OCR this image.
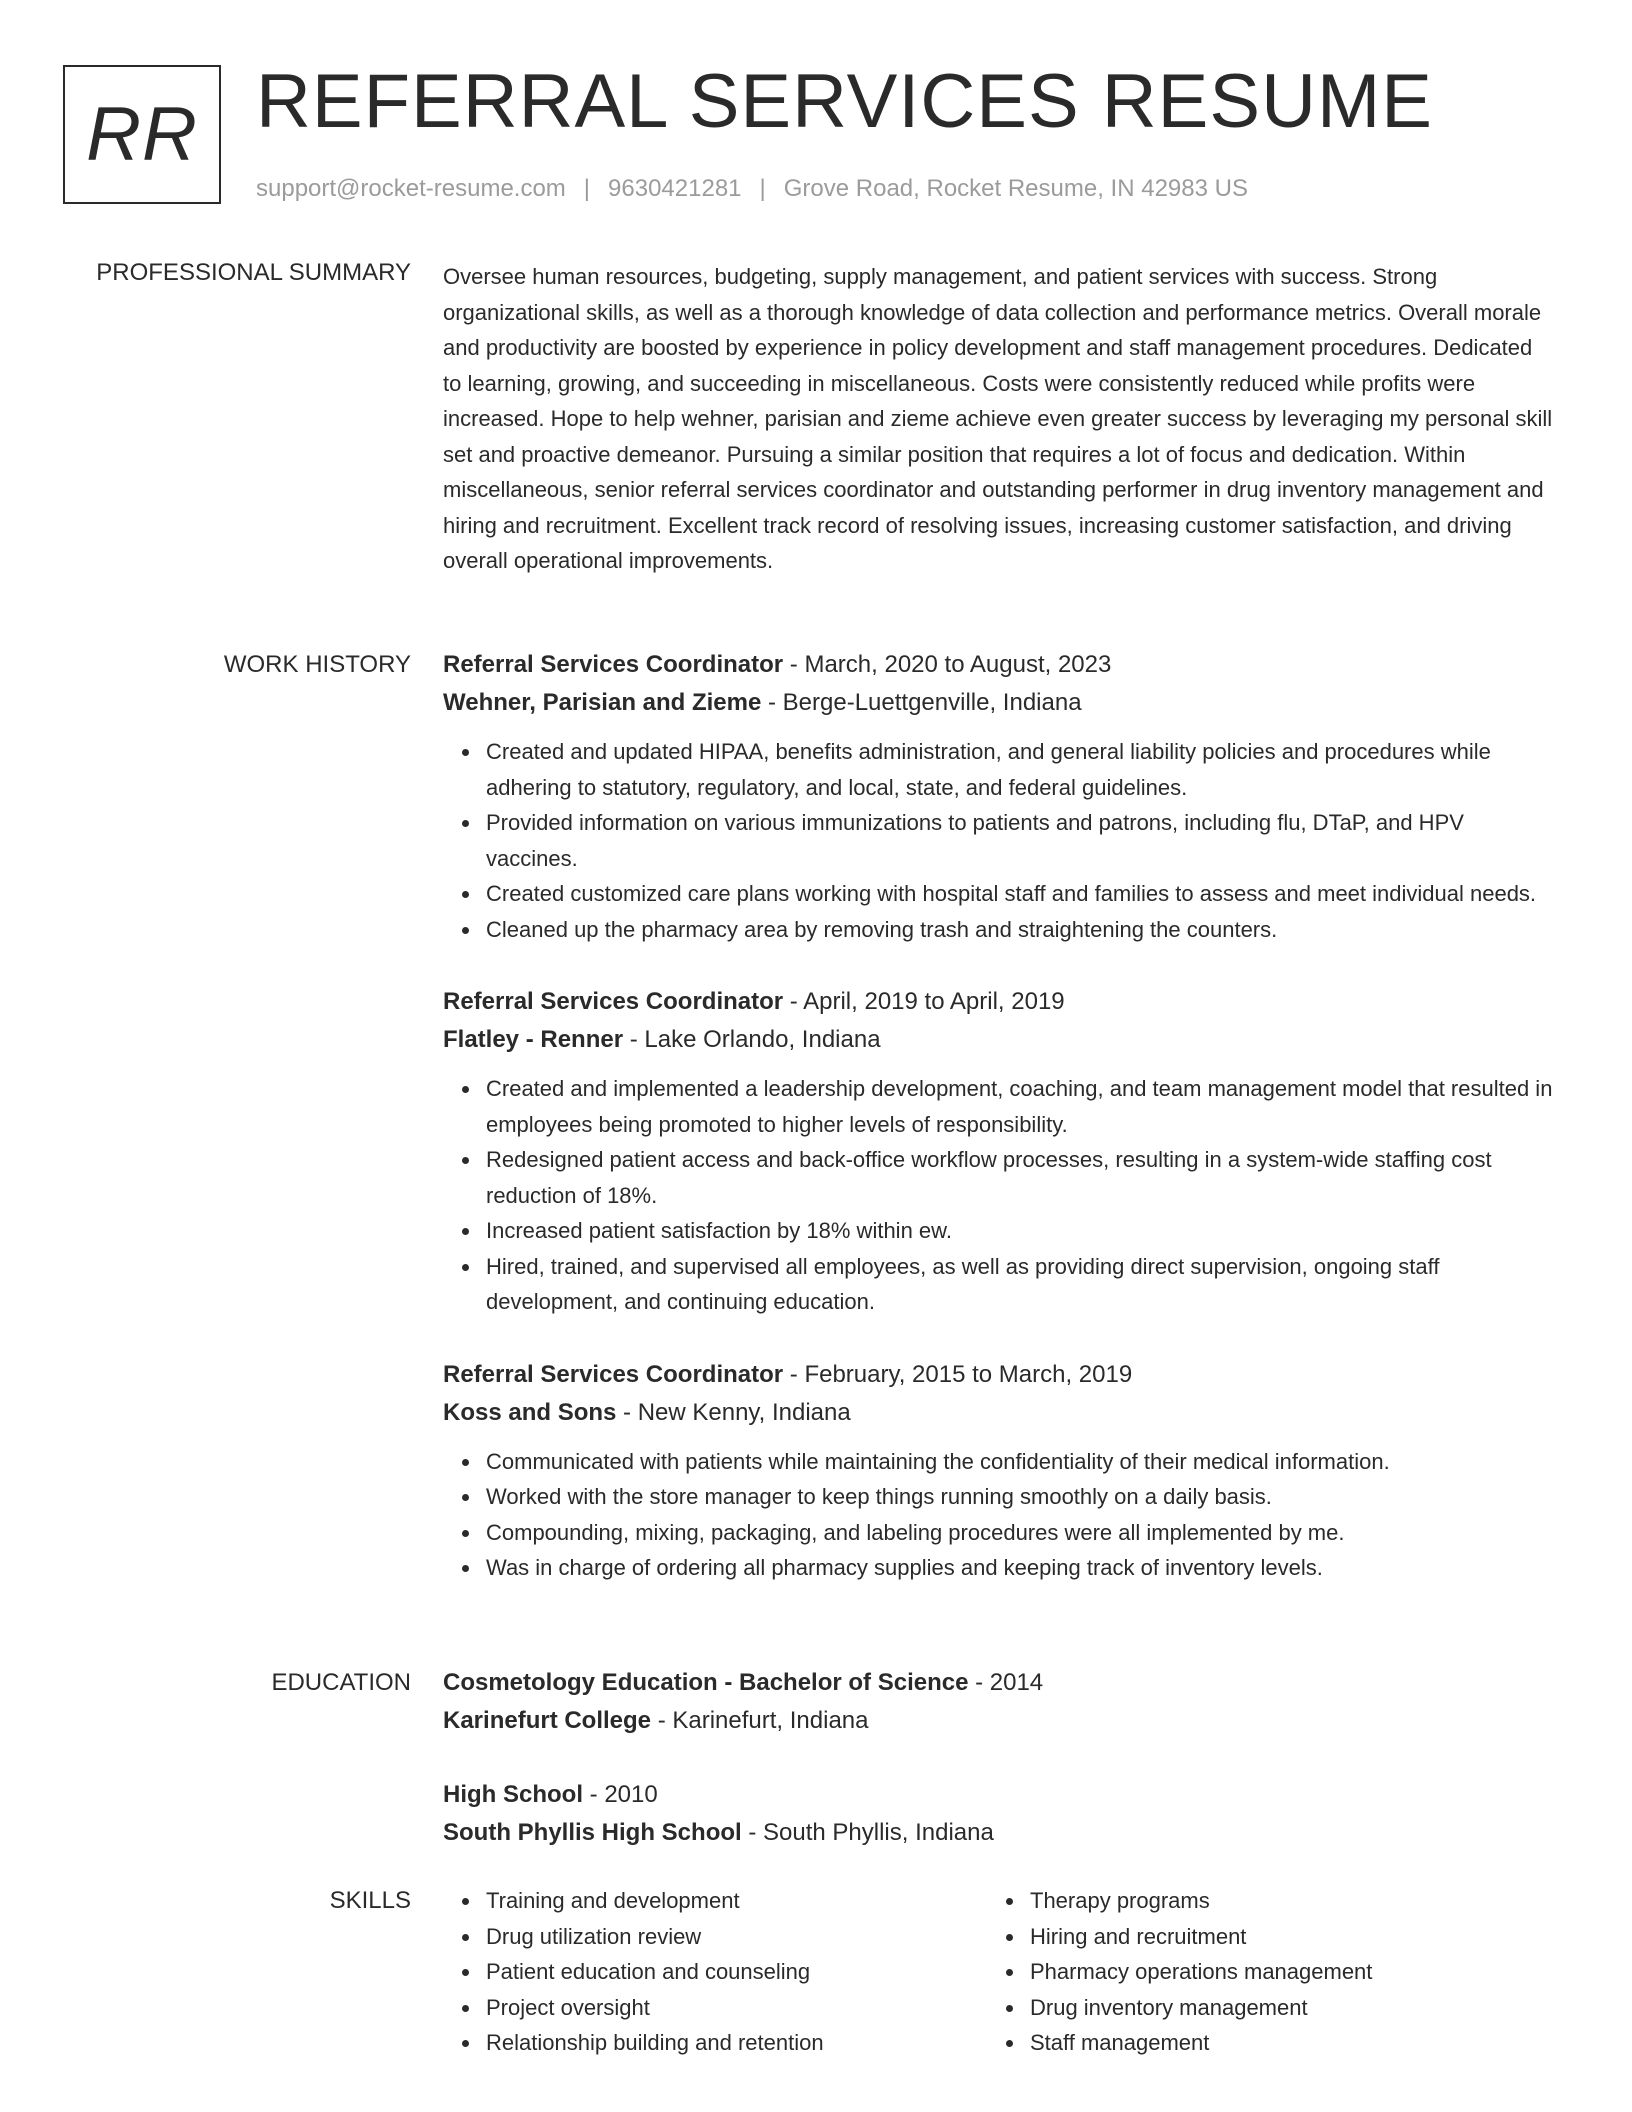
RR REFERRAL SERVICES RESUME
support@rocket-resume.com | 9630421281 | Grove Road, Rocket Resume, IN 42983 US
PROFESSIONAL SUMMARY Oversee human resources, budgeting, supply management, and patient services with success. Strong organizational skills, as well as a thorough knowledge of data collection and performance metrics. Overall morale and productivity are boosted by experience in policy development and staff management procedures. Dedicated to learning, growing, and succeeding in miscellaneous. Costs were consistently reduced while profits were increased. Hope to help wehner, parisian and zieme achieve even greater success by leveraging my personal skill set and proactive demeanor. Pursuing a similar position that requires a lot of focus and dedication. Within miscellaneous, senior referral services coordinator and outstanding performer in drug inventory management and hiring and recruitment. Excellent track record of resolving issues, increasing customer satisfaction, and driving overall operational improvements.

WORK HISTORY Referral Services Coordinator - March, 2020 to August, 2023
Wehner, Parisian and Zieme - Berge-Luettgenville, Indiana
Created and updated HIPAA, benefits administration, and general liability policies and procedures while adhering to statutory, regulatory, and local, state, and federal guidelines.
Provided information on various immunizations to patients and patrons, including flu, DTaP, and HPV vaccines.
Created customized care plans working with hospital staff and families to assess and meet individual needs.
Cleaned up the pharmacy area by removing trash and straightening the counters.
Referral Services Coordinator - April, 2019 to April, 2019
Flatley - Renner - Lake Orlando, Indiana
Created and implemented a leadership development, coaching, and team management model that resulted in employees being promoted to higher levels of responsibility.
Redesigned patient access and back-office workflow processes, resulting in a system-wide staffing cost reduction of 18%.
Increased patient satisfaction by 18% within ew.
Hired, trained, and supervised all employees, as well as providing direct supervision, ongoing staff development, and continuing education.
Referral Services Coordinator - February, 2015 to March, 2019
Koss and Sons - New Kenny, Indiana
Communicated with patients while maintaining the confidentiality of their medical information.
Worked with the store manager to keep things running smoothly on a daily basis.
Compounding, mixing, packaging, and labeling procedures were all implemented by me.
Was in charge of ordering all pharmacy supplies and keeping track of inventory levels.
EDUCATION Cosmetology Education - Bachelor of Science - 2014
Karinefurt College - Karinefurt, Indiana
High School - 2010
South Phyllis High School - South Phyllis, Indiana
SKILLS	Training and development
Drug utilization review
Patient education and counseling
Project oversight
Relationship building and retention
Therapy programs
Hiring and recruitment
Pharmacy operations management
Drug inventory management
Staff management
